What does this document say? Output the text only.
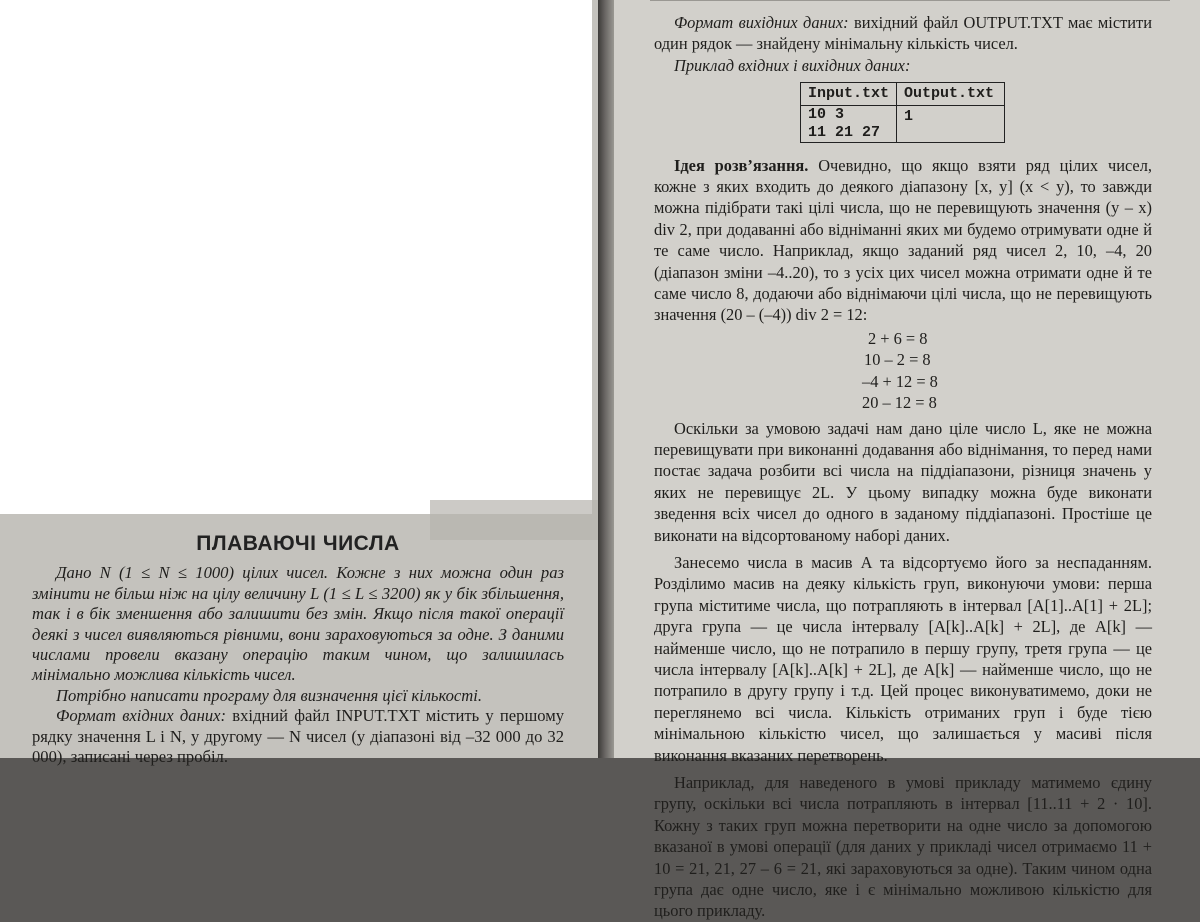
ПЛАВАЮЧІ ЧИСЛА

Дано N (1 ≤ N ≤ 1000) цілих чисел. Кожне з них можна один раз змінити не більш ніж на цілу величину L (1 ≤ L ≤ 3200) як у бік збільшення, так і в бік зменшення або залишити без змін. Якщо після такої операції деякі з чисел виявляються рівними, вони зараховуються за одне. З даними числами провели вказану операцію таким чином, що залишилась мінімально можлива кількість чисел.

Потрібно написати програму для визначення цієї кількості.

Формат вхідних даних: вхідний файл INPUT.TXT містить у першому рядку значення L і N, у другому — N чисел (у діапазоні від –32 000 до 32 000), записані через пробіл.

Формат вихідних даних: вихідний файл OUTPUT.TXT має містити один рядок — знайдену мінімальну кількість чисел.

Приклад вхідних і вихідних даних:

Input.txt	Output.txt

10 3
11 21 27	1

Ідея розв’язання. Очевидно, що якщо взяти ряд цілих чисел, кожне з яких входить до деякого діапазону [x, y] (x < y), то завжди можна підібрати такі цілі числа, що не перевищують значення (y – x) div 2, при додаванні або відніманні яких ми будемо отримувати одне й те саме число. Наприклад, якщо заданий ряд чисел 2, 10, –4, 20 (діапазон зміни –4..20), то з усіх цих чисел можна отримати одне й те саме число 8, додаючи або віднімаючи цілі числа, що не перевищують значення (20 – (–4)) div 2 = 12:

2 + 6 = 8
10 – 2 = 8
–4 + 12 = 8
20 – 12 = 8

Оскільки за умовою задачі нам дано ціле число L, яке не можна перевищувати при виконанні додавання або віднімання, то перед нами постає задача розбити всі числа на піддіапазони, різниця значень у яких не перевищує 2L. У цьому випадку можна буде виконати зведення всіх чисел до одного в заданому піддіапазоні. Простіше це виконати на відсортованому наборі даних.

Занесемо числа в масив A та відсортуємо його за неспаданням. Розділимо масив на деяку кількість груп, виконуючи умови: перша група міститиме числа, що потрапляють в інтервал [A[1]..A[1] + 2L]; друга група — це числа інтервалу [A[k]..A[k] + 2L], де A[k] — найменше число, що не потрапило в першу групу, третя група — це числа інтервалу [A[k]..A[k] + 2L], де A[k] — найменше число, що не потрапило в другу групу і т.д. Цей процес виконуватимемо, доки не переглянемо всі числа. Кількість отриманих груп і буде тією мінімальною кількістю чисел, що залишається у масиві після виконання вказаних перетворень.

Наприклад, для наведеного в умові прикладу матимемо єдину групу, оскільки всі числа потрапляють в інтервал [11..11 + 2 · 10]. Кожну з таких груп можна перетворити на одне число за допомогою вказаної в умові операції (для даних у прикладі чисел отримаємо 11 + 10 = 21, 21, 27 – 6 = 21, які зараховуються за одне). Таким чином одна група дає одне число, яке і є мінімально можливою кількістю для цього прикладу.
